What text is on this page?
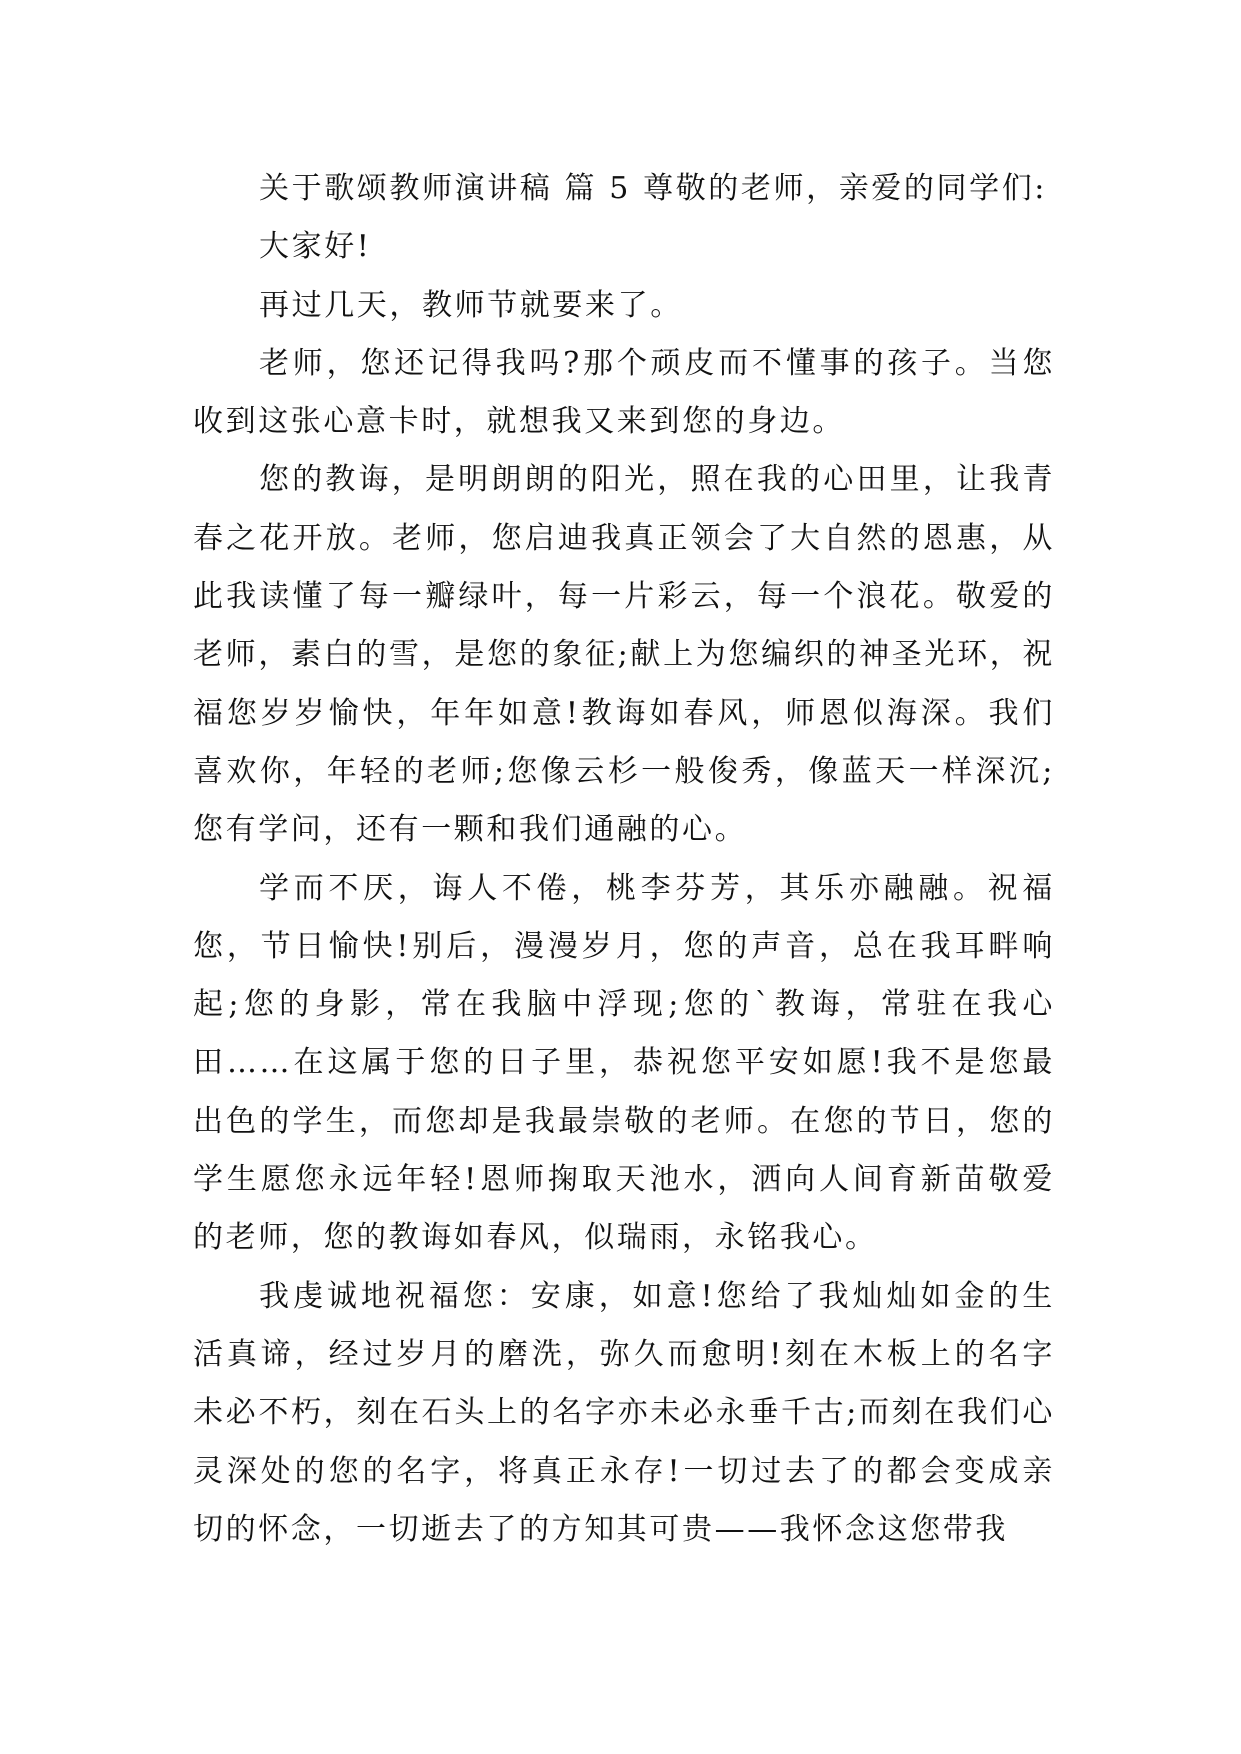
关于歌颂教师演讲稿 篇 5 尊敬的老师，亲爱的同学们:

大家好!

再过几天，教师节就要来了。

老师，您还记得我吗?那个顽皮而不懂事的孩子。当您收到这张心意卡时，就想我又来到您的身边。

您的教诲，是明朗朗的阳光，照在我的心田里，让我青春之花开放。老师，您启迪我真正领会了大自然的恩惠，从此我读懂了每一瓣绿叶，每一片彩云，每一个浪花。敬爱的老师，素白的雪，是您的象征;献上为您编织的神圣光环，祝福您岁岁愉快，年年如意!教诲如春风，师恩似海深。我们喜欢你，年轻的老师;您像云杉一般俊秀，像蓝天一样深沉;您有学问，还有一颗和我们通融的心。

学而不厌，诲人不倦，桃李芬芳，其乐亦融融。祝福您，节日愉快!别后，漫漫岁月，您的声音，总在我耳畔响起;您的身影，常在我脑中浮现;您的`教诲，常驻在我心田……在这属于您的日子里，恭祝您平安如愿!我不是您最出色的学生，而您却是我最崇敬的老师。在您的节日，您的学生愿您永远年轻!恩师掬取天池水，洒向人间育新苗敬爱的老师，您的教诲如春风，似瑞雨，永铭我心。

我虔诚地祝福您：安康，如意!您给了我灿灿如金的生活真谛，经过岁月的磨洗，弥久而愈明!刻在木板上的名字未必不朽，刻在石头上的名字亦未必永垂千古;而刻在我们心灵深处的您的名字，将真正永存!一切过去了的都会变成亲切的怀念，一切逝去了的方知其可贵——我怀念这您带我
